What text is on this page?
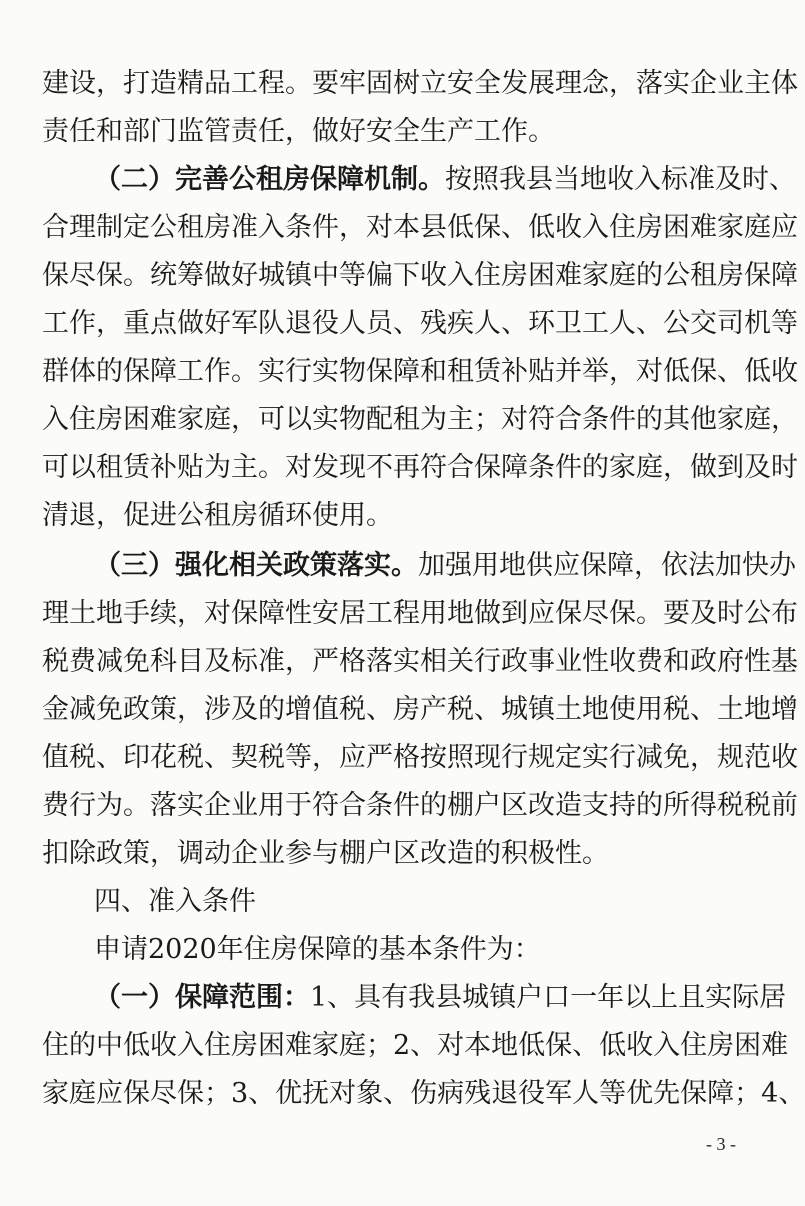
建设，打造精品工程。要牢固树立安全发展理念，落实企业主体
责任和部门监管责任，做好安全生产工作。
（二）完善公租房保障机制。按照我县当地收入标准及时、
合理制定公租房准入条件，对本县低保、低收入住房困难家庭应
保尽保。统筹做好城镇中等偏下收入住房困难家庭的公租房保障
工作，重点做好军队退役人员、残疾人、环卫工人、公交司机等
群体的保障工作。实行实物保障和租赁补贴并举，对低保、低收
入住房困难家庭，可以实物配租为主；对符合条件的其他家庭，
可以租赁补贴为主。对发现不再符合保障条件的家庭，做到及时
清退，促进公租房循环使用。
（三）强化相关政策落实。加强用地供应保障，依法加快办
理土地手续，对保障性安居工程用地做到应保尽保。要及时公布
税费减免科目及标准，严格落实相关行政事业性收费和政府性基
金减免政策，涉及的增值税、房产税、城镇土地使用税、土地增
值税、印花税、契税等，应严格按照现行规定实行减免，规范收
费行为。落实企业用于符合条件的棚户区改造支持的所得税税前
扣除政策，调动企业参与棚户区改造的积极性。
四、准入条件
申请2020年住房保障的基本条件为：
（一）保障范围：1、具有我县城镇户口一年以上且实际居
住的中低收入住房困难家庭；2、对本地低保、低收入住房困难
家庭应保尽保；3、优抚对象、伤病残退役军人等优先保障；4、
- 3 -
